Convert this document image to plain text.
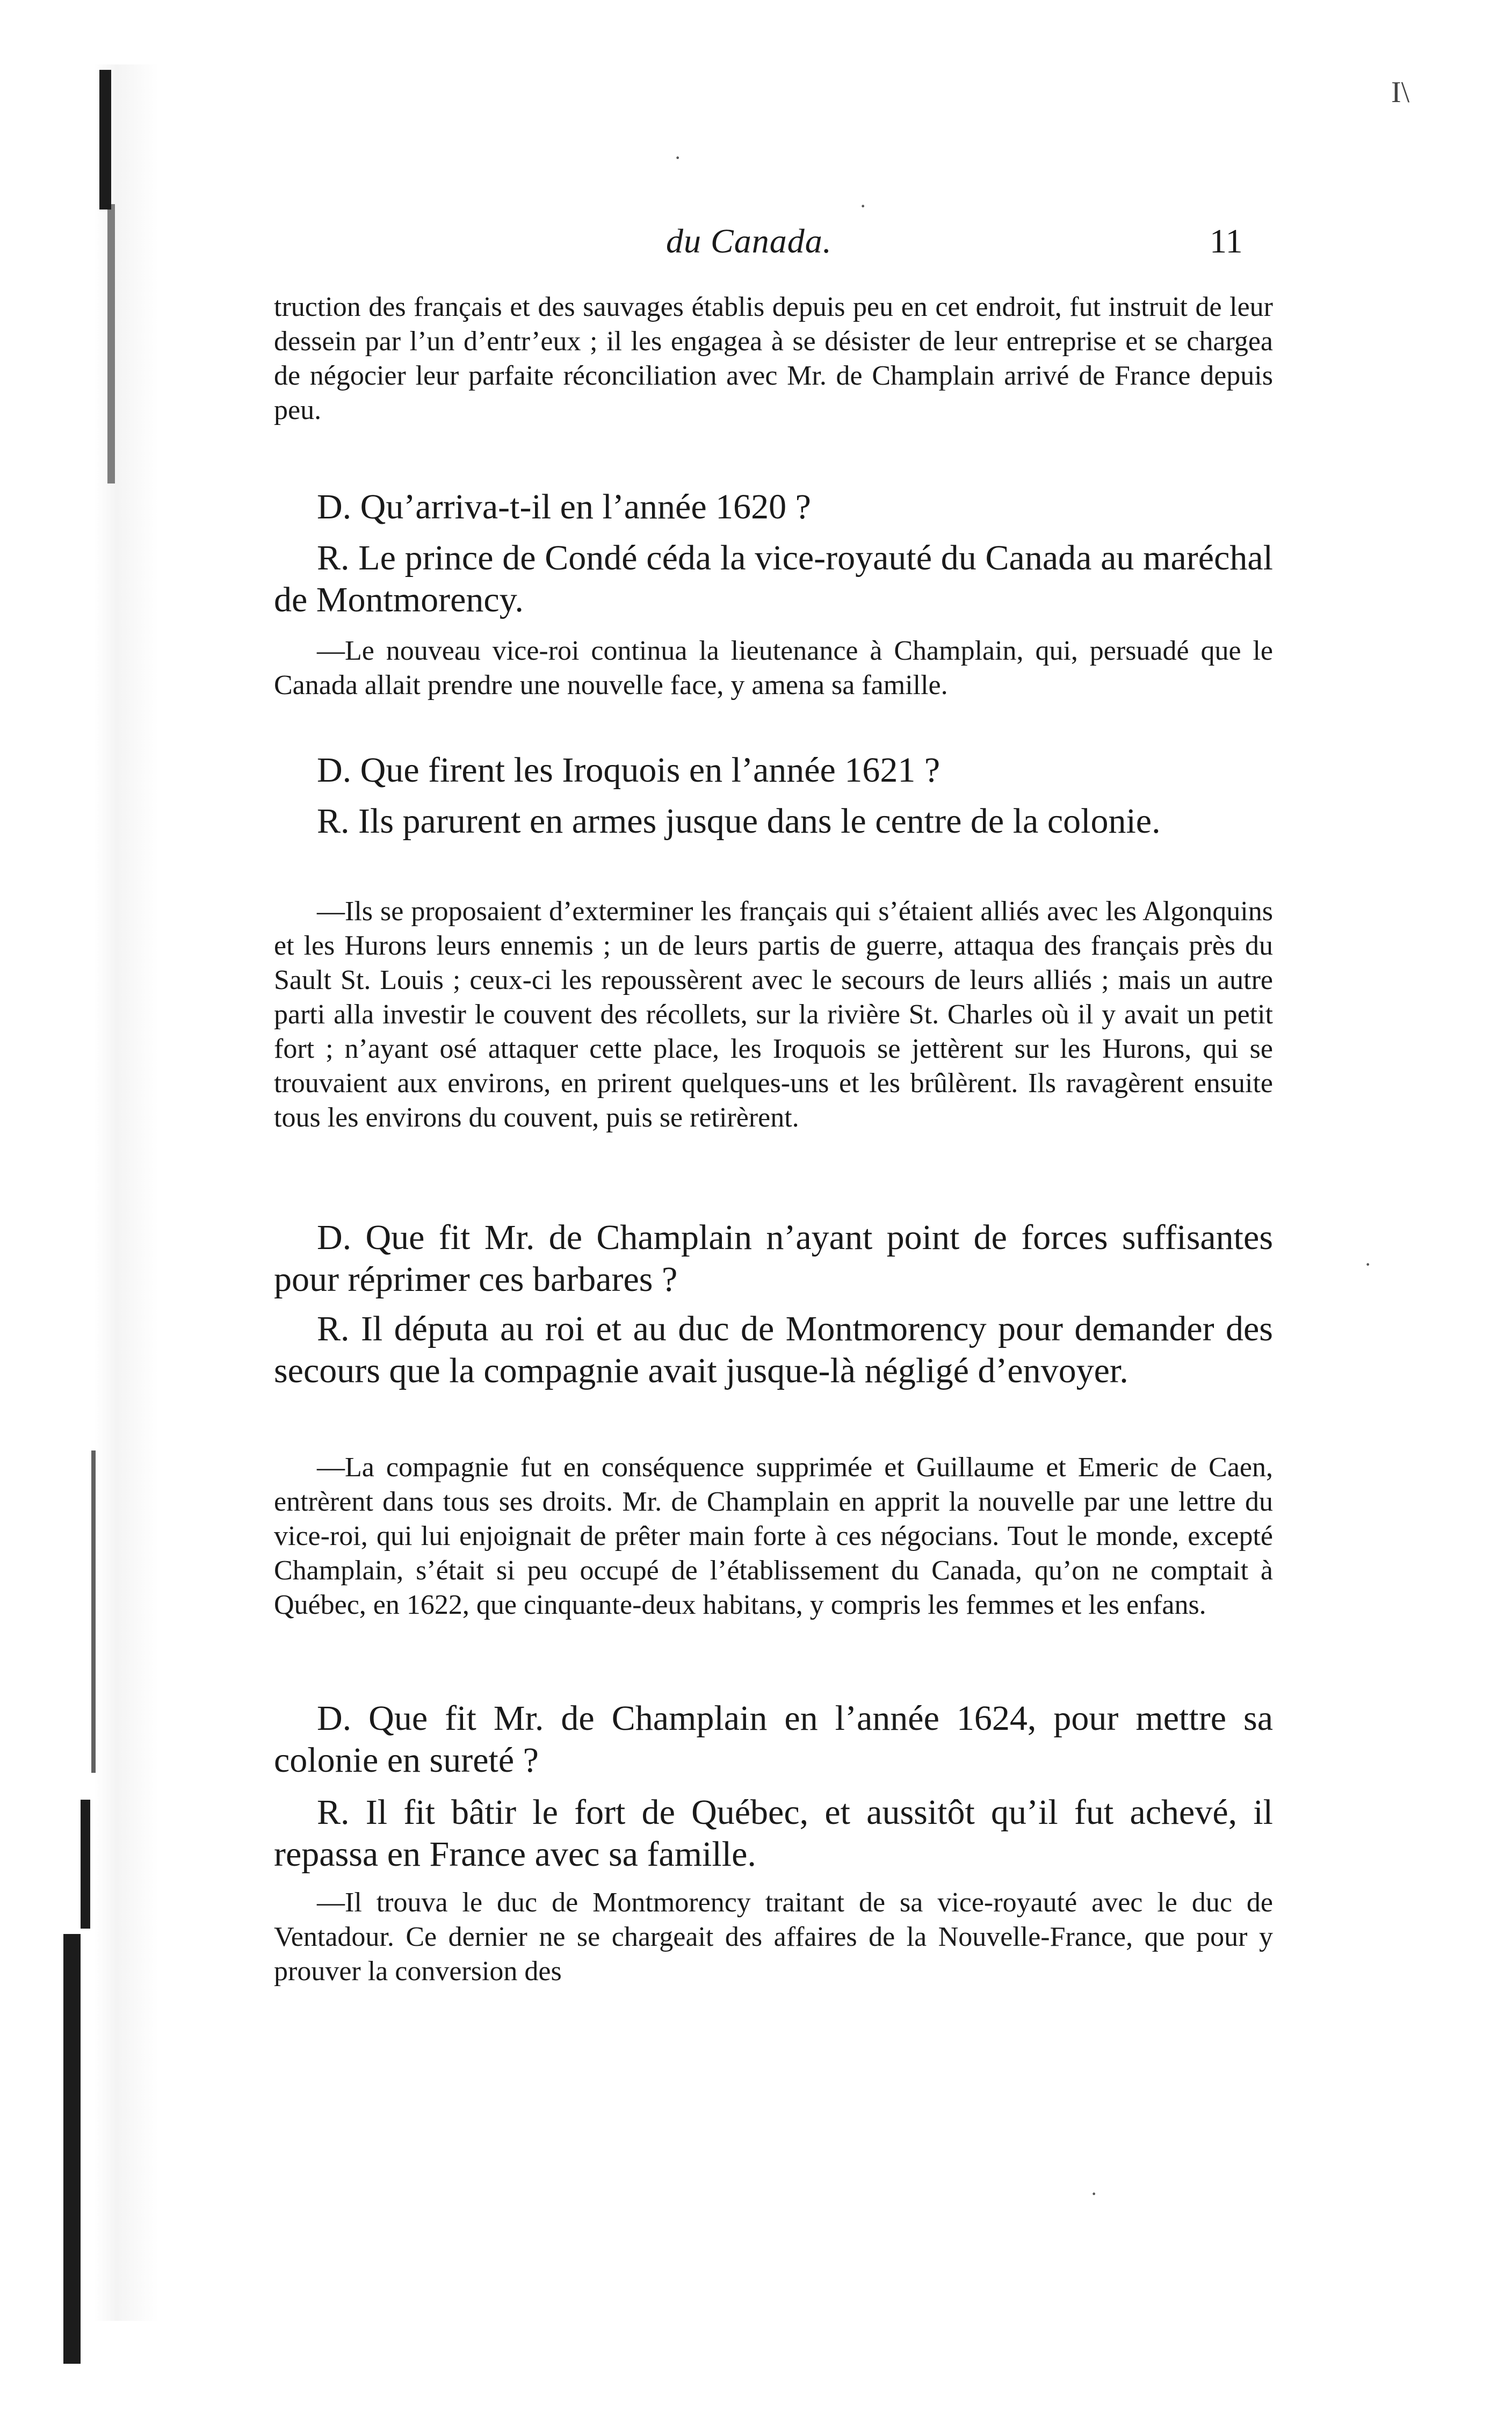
I\
du Canada.	11

truction des français et des sauvages établis depuis peu en cet endroit, fut instruit de leur dessein par l’un d’entr’eux ; il les engagea à se désister de leur entreprise et se chargea de négocier leur parfaite réconciliation avec Mr. de Champlain arrivé de France depuis peu.

D. Qu’arriva-t-il en l’année 1620 ?

R. Le prince de Condé céda la vice-royauté du Canada au maréchal de Montmorency.

—Le nouveau vice-roi continua la lieutenance à Champlain, qui, persuadé que le Canada allait prendre une nouvelle face, y amena sa famille.

D. Que firent les Iroquois en l’année 1621 ?

R. Ils parurent en armes jusque dans le centre de la colonie.

—Ils se proposaient d’exterminer les français qui s’étaient alliés avec les Algonquins et les Hurons leurs ennemis ; un de leurs partis de guerre, attaqua des français près du Sault St. Louis ; ceux-ci les repoussèrent avec le secours de leurs alliés ; mais un autre parti alla investir le couvent des récollets, sur la rivière St. Charles où il y avait un petit fort ; n’ayant osé attaquer cette place, les Iroquois se jettèrent sur les Hurons, qui se trouvaient aux environs, en prirent quelques-uns et les brûlèrent. Ils ravagèrent ensuite tous les environs du couvent, puis se retirèrent.

D. Que fit Mr. de Champlain n’ayant point de forces suffisantes pour réprimer ces barbares ?

R. Il députa au roi et au duc de Montmorency pour demander des secours que la compagnie avait jusque-là négligé d’envoyer.

—La compagnie fut en conséquence supprimée et Guillaume et Emeric de Caen, entrèrent dans tous ses droits. Mr. de Champlain en apprit la nouvelle par une lettre du vice-roi, qui lui enjoignait de prêter main forte à ces négocians. Tout le monde, excepté Champlain, s’était si peu occupé de l’établissement du Canada, qu’on ne comptait à Québec, en 1622, que cinquante-deux habitans, y compris les femmes et les enfans.

D. Que fit Mr. de Champlain en l’année 1624, pour mettre sa colonie en sureté ?

R. Il fit bâtir le fort de Québec, et aussitôt qu’il fut achevé, il repassa en France avec sa famille.

—Il trouva le duc de Montmorency traitant de sa vice-royauté avec le duc de Ventadour. Ce dernier ne se chargeait des affaires de la Nouvelle-France, que pour y prouver la conversion des

·
·
·
·
